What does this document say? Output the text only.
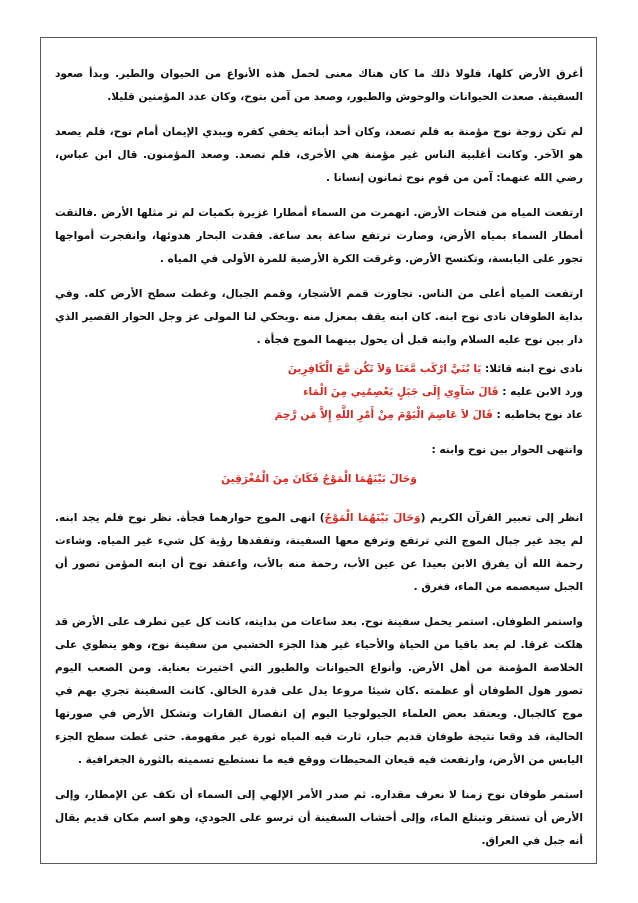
أغرق الأرض كلها، فلولا ذلك ما كان هناك معنى لحمل هذه الأنواع من الحيوان والطير. وبدأ صعود السفينة. صعدت الحيوانات والوحوش والطيور، وصعد من آمن بنوح، وكان عدد المؤمنين قليلا.

لم تكن زوجة نوح مؤمنة به فلم تصعد، وكان أحد أبنائه يخفي كفره ويبدي الإيمان أمام نوح، فلم يصعد هو الآخر. وكانت أغلبية الناس غير مؤمنة هي الأخرى، فلم تصعد. وصعد المؤمنون. قال ابن عباس، رضي الله عنهما: آمن من قوم نوح ثمانون إنسانا .

ارتفعت المياه من فتحات الأرض. انهمرت من السماء أمطارا غزيرة بكميات لم تر مثلها الأرض .فالتقت أمطار السماء بمياه الأرض، وصارت ترتفع ساعة بعد ساعة. فقدت البحار هدوئها، وانفجرت أمواجها تجور على اليابسة، وتكتسح الأرض. وغرقت الكرة الأرضية للمرة الأولى في المياه .

ارتفعت المياه أعلى من الناس. تجاوزت قمم الأشجار، وقمم الجبال، وغطت سطح الأرض كله. وفي بداية الطوفان نادى نوح ابنه. كان ابنه يقف بمعزل منه .ويحكي لنا المولى عز وجل الحوار القصير الذي دار بين نوح عليه السلام وابنه قبل أن يحول بينهما الموج فجأة .

نادى نوح ابنه قائلا: يَا بُنَيَّ ارْكَب مَّعَنَا وَلاَ تَكُن مَّعَ الْكَافِرِينَ

ورد الابن عليه : قَالَ سَآوِي إِلَى جَبَلٍ يَعْصِمُنِي مِنَ الْمَاء

عاد نوح يخاطبه : قَالَ لاَ عَاصِمَ الْيَوْمَ مِنْ أَمْرِ اللَّهِ إِلاَّ مَن رَّحِمَ

وانتهى الحوار بين نوح وابنه :

وَحَالَ بَيْنَهُمَا الْمَوْجُ فَكَانَ مِنَ الْمُغْرَقِينَ

انظر إلى تعبير القرآن الكريم (وَحَالَ بَيْنَهُمَا الْمَوْجُ) انهى الموج حوارهما فجأة. نظر نوح فلم يجد ابنه. لم يجد غير جبال الموج التي ترتفع وترفع معها السفينة، وتفقدها رؤية كل شيء غير المياه. وشاءت رحمة الله أن يفرق الابن بعيدا عن عين الأب، رحمة منه بالأب، واعتقد نوح أن ابنه المؤمن تصور أن الجبل سيعصمه من الماء، فغرق .

واستمر الطوفان. استمر يحمل سفينة نوح. بعد ساعات من بدايته، كانت كل عين تطرف على الأرض قد هلكت غرقا. لم يعد باقيا من الحياة والأحياء غير هذا الجزء الخشبي من سفينة نوح، وهو ينطوي على الخلاصة المؤمنة من أهل الأرض. وأنواع الحيوانات والطيور التي اختيرت بعناية. ومن الصعب اليوم تصور هول الطوفان أو عظمته .كان شيئا مروعا يدل على قدرة الخالق. كانت السفينة تجري بهم في موج كالجبال. ويعتقد بعض العلماء الجيولوجيا اليوم إن انفصال القارات وتشكل الأرض في صورتها الحالية، قد وقعا نتيجة طوفان قديم جبار، ثارت فيه المياه ثورة غير مفهومة. حتى غطت سطح الجزء اليابس من الأرض، وارتفعت فيه قيعان المحيطات ووقع فيه ما نستطيع تسميته بالثورة الجغرافية .

استمر طوفان نوح زمنا لا نعرف مقداره. ثم صدر الأمر الإلهي إلى السماء أن تكف عن الإمطار، وإلى الأرض أن تستقر وتبتلع الماء، وإلى أخشاب السفينة أن ترسو على الجودي، وهو اسم مكان قديم يقال أنه جبل في العراق.
